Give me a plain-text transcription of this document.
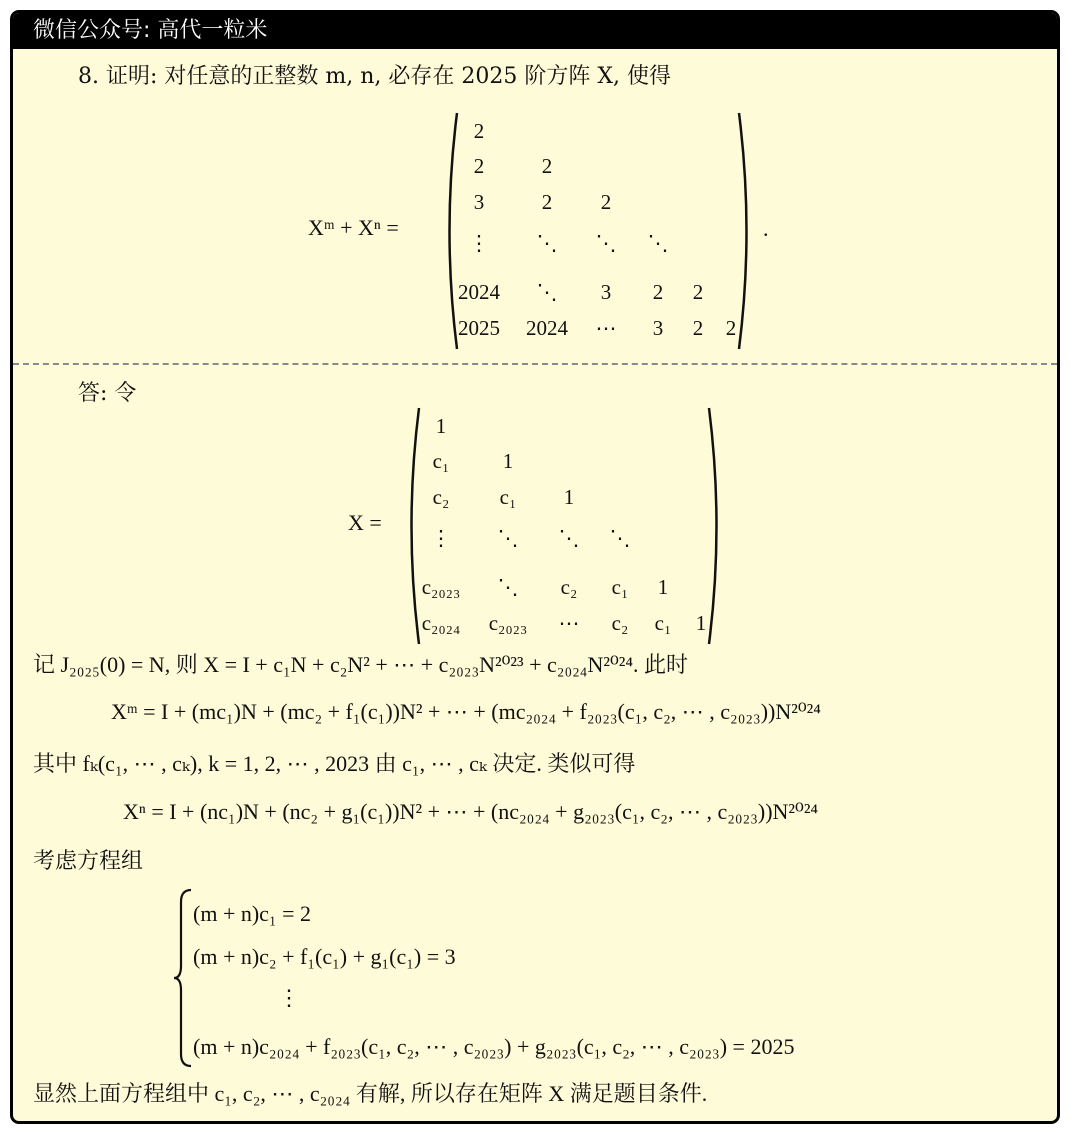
微信公众号: 高代一粒米
8. 证明: 对任意的正整数 m, n, 必存在 2025 阶方阵 X, 使得
Xᵐ + Xⁿ =	.
答: 令
X =
记 J₂₀₂₅(0) = N, 则 X = I + c₁N + c₂N² + ⋯ + c₂₀₂₃N²⁰²³ + c₂₀₂₄N²⁰²⁴. 此时
Xᵐ = I + (mc₁)N + (mc₂ + f₁(c₁))N² + ⋯ + (mc₂₀₂₄ + f₂₀₂₃(c₁, c₂, ⋯ , c₂₀₂₃))N²⁰²⁴
其中 fₖ(c₁, ⋯ , cₖ), k = 1, 2, ⋯ , 2023 由 c₁, ⋯ , cₖ 决定. 类似可得
Xⁿ = I + (nc₁)N + (nc₂ + g₁(c₁))N² + ⋯ + (nc₂₀₂₄ + g₂₀₂₃(c₁, c₂, ⋯ , c₂₀₂₃))N²⁰²⁴
考虑方程组
(m + n)c₁ = 2
(m + n)c₂ + f₁(c₁) + g₁(c₁) = 3
⋮
(m + n)c₂₀₂₄ + f₂₀₂₃(c₁, c₂, ⋯ , c₂₀₂₃) + g₂₀₂₃(c₁, c₂, ⋯ , c₂₀₂₃) = 2025
显然上面方程组中 c₁, c₂, ⋯ , c₂₀₂₄ 有解, 所以存在矩阵 X 满足题目条件.
2
2	2
3	2 2
⋮ ⋱ ⋱ ⋱
2024 ⋱ 3 2 2
2025 2024 ⋯ 3 2 2
1
c₁	1
c₂ c₁ 1
⋮ ⋱ ⋱ ⋱
c₂₀₂₃ ⋱ c₂ c₁ 1
c₂₀₂₄ c₂₀₂₃ ⋯ c₂ c₁ 1
